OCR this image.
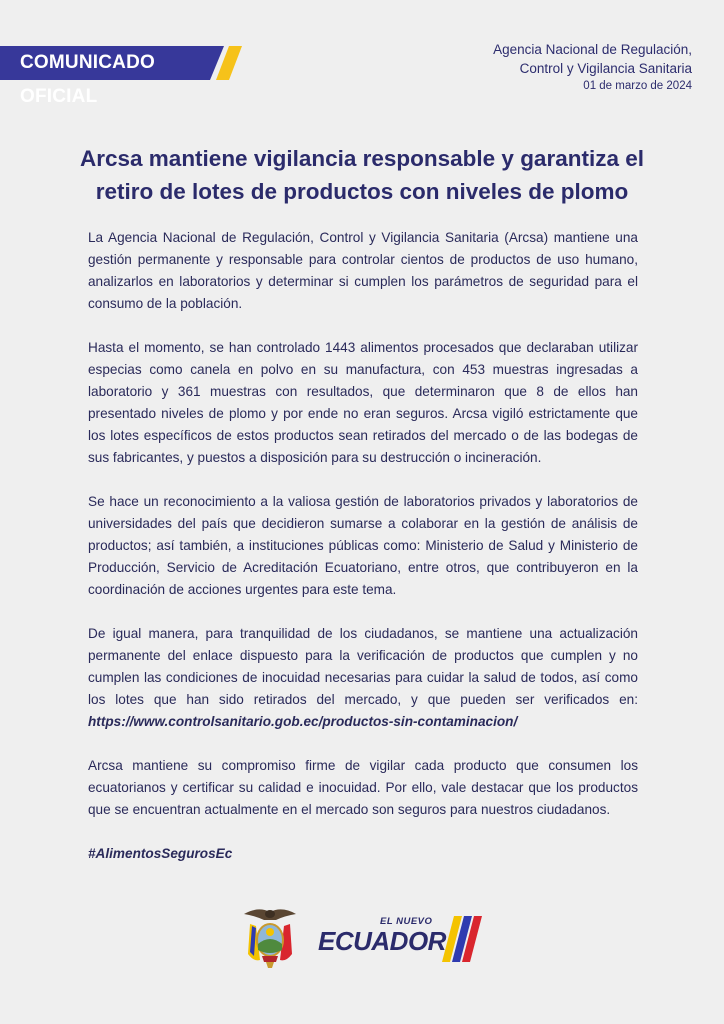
COMUNICADO OFICIAL
Agencia Nacional de Regulación,
Control y Vigilancia Sanitaria
01 de marzo de 2024
Arcsa mantiene vigilancia responsable y garantiza el
retiro de lotes de productos con niveles de plomo

La Agencia Nacional de Regulación, Control y Vigilancia Sanitaria (Arcsa) mantiene una gestión permanente y responsable para controlar cientos de productos de uso humano, analizarlos en laboratorios y determinar si cumplen los parámetros de seguridad para el consumo de la población.

Hasta el momento, se han controlado 1443 alimentos procesados que declaraban utilizar especias como canela en polvo en su manufactura, con 453 muestras ingresadas a laboratorio y 361 muestras con resultados, que determinaron que 8 de ellos han presentado niveles de plomo y por ende no eran seguros. Arcsa vigiló estrictamente que los lotes específicos de estos productos sean retirados del mercado o de las bodegas de sus fabricantes, y puestos a disposición para su destrucción o incineración.

Se hace un reconocimiento a la valiosa gestión de laboratorios privados y laboratorios de universidades del país que decidieron sumarse a colaborar en la gestión de análisis de productos; así también, a instituciones públicas como: Ministerio de Salud y Ministerio de Producción, Servicio de Acreditación Ecuatoriano, entre otros, que contribuyeron en la coordinación de acciones urgentes para este tema.

De igual manera, para tranquilidad de los ciudadanos, se mantiene una actualización permanente del enlace dispuesto para la verificación de productos que cumplen y no cumplen las condiciones de inocuidad necesarias para cuidar la salud de todos, así como los lotes que han sido retirados del mercado, y que pueden ser verificados en: https://www.controlsanitario.gob.ec/productos-sin-contaminacion/

Arcsa mantiene su compromiso firme de vigilar cada producto que consumen los ecuatorianos y certificar su calidad e inocuidad. Por ello, vale destacar que los productos que se encuentran actualmente en el mercado son seguros para nuestros ciudadanos.

#AlimentosSegurosEc

EL NUEVO
ECUADOR
